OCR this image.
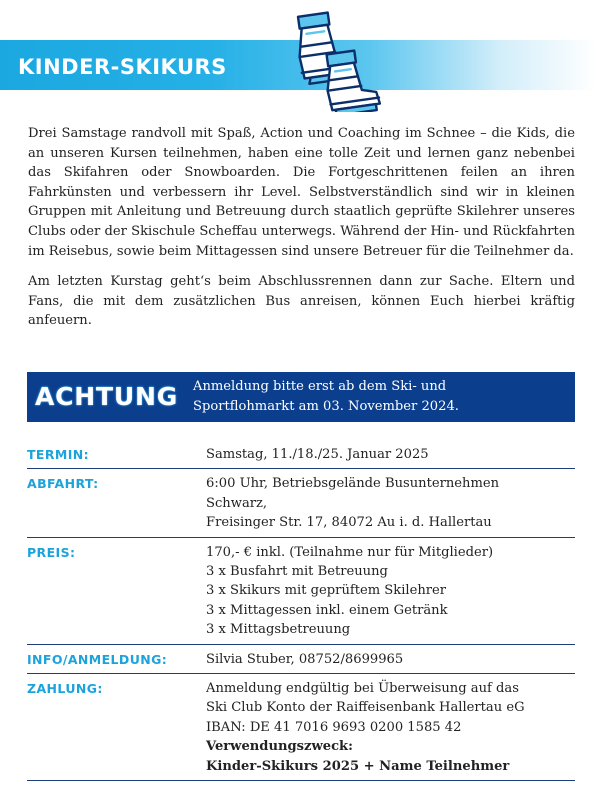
KINDER-SKIKURS

Drei Samstage randvoll mit Spaß, Action und Coaching im Schnee – die Kids, die an unseren Kursen teilnehmen, haben eine tolle Zeit und lernen ganz nebenbei das Skifahren oder Snowboarden. Die Fortgeschrittenen feilen an ihren Fahrkünsten und verbessern ihr Level. Selbstverständlich sind wir in kleinen Gruppen mit Anleitung und Betreuung durch staatlich geprüfte Skilehrer unseres Clubs oder der Skischule Scheffau unterwegs. Während der Hin- und Rückfahrten im Reisebus, sowie beim Mittagessen sind unsere Betreuer für die Teilnehmer da.

Am letzten Kurstag geht‘s beim Abschlussrennen dann zur Sache. Eltern und Fans, die mit dem zusätzlichen Bus anreisen, können Euch hierbei kräftig anfeuern.

ACHTUNG Anmeldung bitte erst ab dem Ski- und
Sportflohmarkt am 03. November 2024.
TERMIN:	Samstag, 11./18./25. Januar 2025
ABFAHRT:	6:00 Uhr, Betriebsgelände Busunternehmen
Schwarz,
Freisinger Str. 17, 84072 Au i. d. Hallertau
PREIS:	170,- € inkl. (Teilnahme nur für Mitglieder)
3 x Busfahrt mit Betreuung
3 x Skikurs mit geprüftem Skilehrer
3 x Mittagessen inkl. einem Getränk
3 x Mittagsbetreuung
INFO/ANMELDUNG:	Silvia Stuber, 08752/8699965
ZAHLUNG:	Anmeldung endgültig bei Überweisung auf das
Ski Club Konto der Raiffeisenbank Hallertau eG
IBAN: DE 41 7016 9693 0200 1585 42
Verwendungszweck:
Kinder-Skikurs 2025 + Name Teilnehmer
